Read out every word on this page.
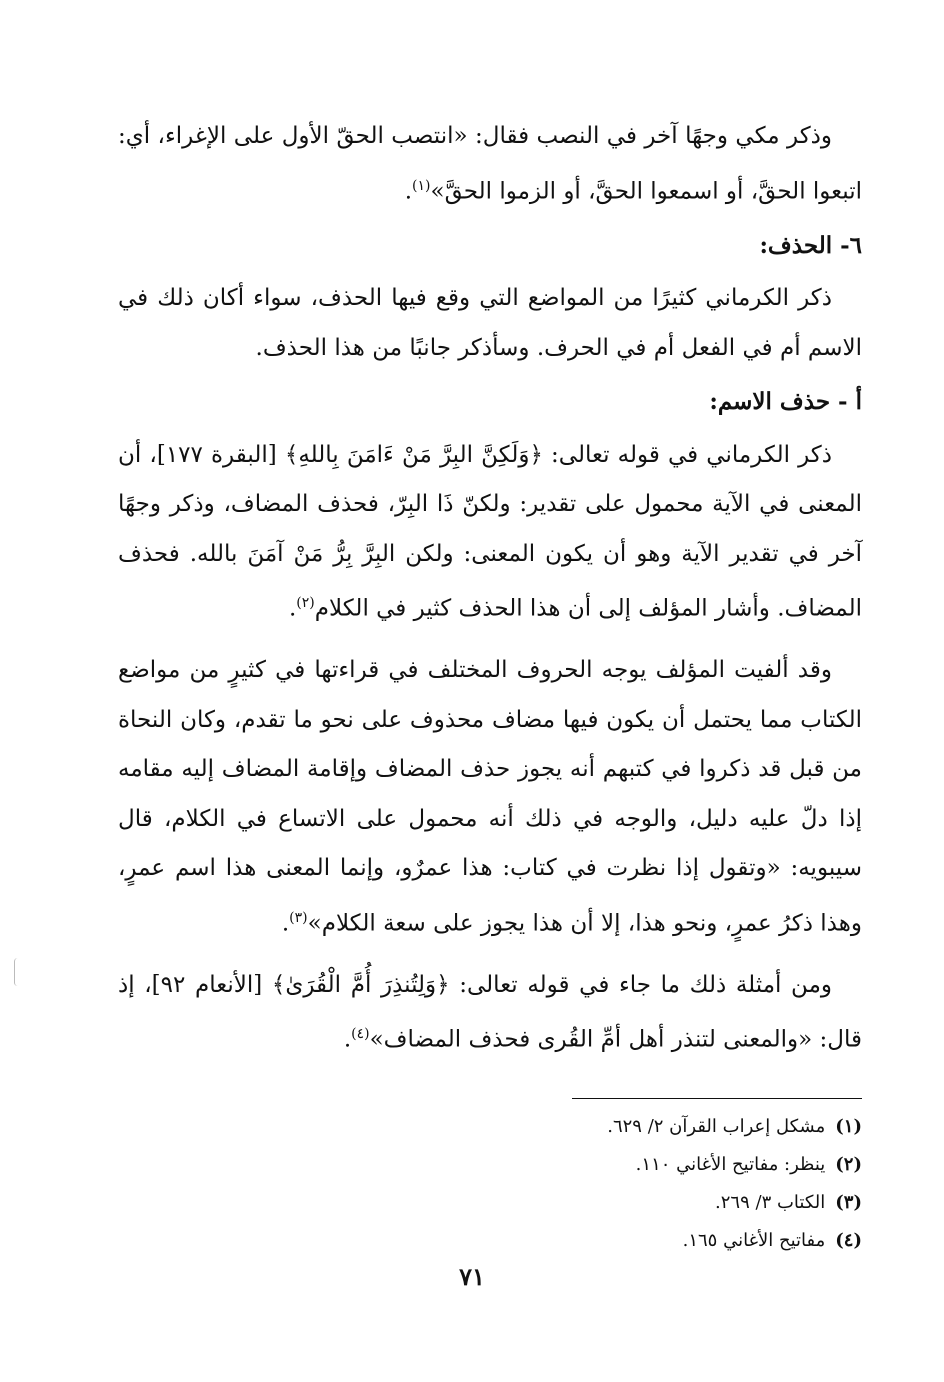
وذكر مكي وجهًا آخر في النصب فقال: «انتصب الحقّ الأول على الإغراء، أي: اتبعوا الحقَّ، أو اسمعوا الحقَّ، أو الزموا الحقَّ»$^{(١)}$.

٦- الحذف:

ذكر الكرماني كثيرًا من المواضع التي وقع فيها الحذف، سواء أكان ذلك في الاسم أم في الفعل أم في الحرف. وسأذكر جانبًا من هذا الحذف.

أ - حذف الاسم:

ذكر الكرماني في قوله تعالى: ﴿وَلَكِنَّ البِرَّ مَنْ ءَامَنَ بِاللهِ﴾ [البقرة ١٧٧]، أن المعنى في الآية محمول على تقدير: ولكنّ ذَا البِرّ، فحذف المضاف، وذكر وجهًا آخر في تقدير الآية وهو أن يكون المعنى: ولكن البِرَّ بِرُّ مَنْ آمَنَ بالله. فحذف المضاف. وأشار المؤلف إلى أن هذا الحذف كثير في الكلام$^{(٢)}$.

وقد ألفيت المؤلف يوجه الحروف المختلف في قراءتها في كثيرٍ من مواضع الكتاب مما يحتمل أن يكون فيها مضاف محذوف على نحو ما تقدم، وكان النحاة من قبل قد ذكروا في كتبهم أنه يجوز حذف المضاف وإقامة المضاف إليه مقامه إذا دلّ عليه دليل، والوجه في ذلك أنه محمول على الاتساع في الكلام، قال سيبويه: «وتقول إذا نظرت في كتاب: هذا عمرٌو، وإنما المعنى هذا اسم عمرٍ، وهذا ذكرُ عمرٍ، ونحو هذا، إلا أن هذا يجوز على سعة الكلام»$^{(٣)}$.

ومن أمثلة ذلك ما جاء في قوله تعالى: ﴿وَلِتُنذِرَ أُمَّ الْقُرَىٰ﴾ [الأنعام ٩٢]، إذ قال: «والمعنى لتنذر أهل أمِّ القُرى فحذف المضاف»$^{(٤)}$.

(١)مشكل إعراب القرآن ٢/ ٦٢٩.
(٢)ينظر: مفاتيح الأغاني ١١٠.
(٣)الكتاب ٣/ ٢٦٩.
(٤)مفاتيح الأغاني ١٦٥.
٧١
